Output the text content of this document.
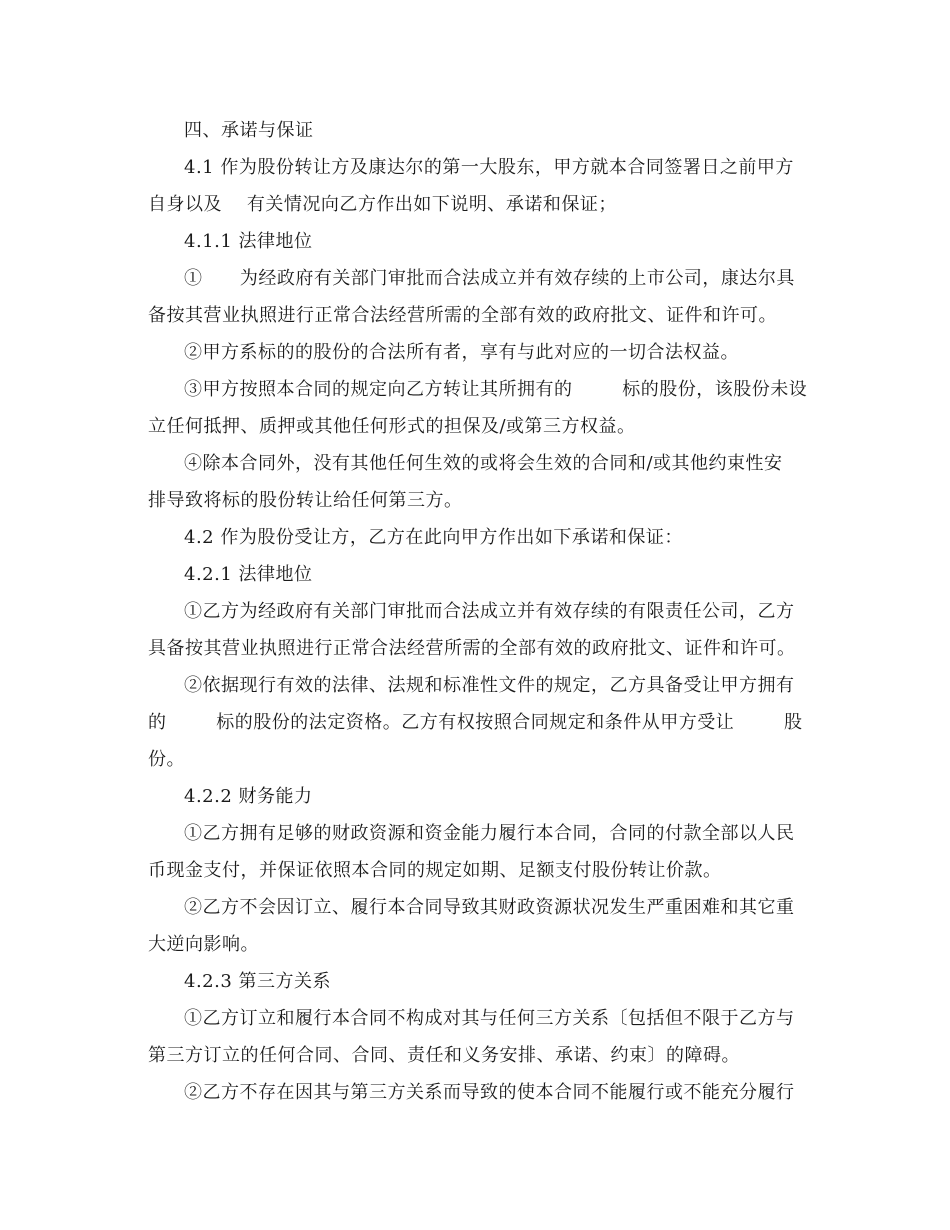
四、承诺与保证
4.1 作为股份转让方及康达尔的第一大股东，甲方就本合同签署日之前甲方
自身以及    有关情况向乙方作出如下说明、承诺和保证；
4.1.1 法律地位
①      为经政府有关部门审批而合法成立并有效存续的上市公司，康达尔具
备按其营业执照进行正常合法经营所需的全部有效的政府批文、证件和许可。
②甲方系标的的股份的合法所有者，享有与此对应的一切合法权益。
③甲方按照本合同的规定向乙方转让其所拥有的        标的股份，该股份未设
立任何抵押、质押或其他任何形式的担保及/或第三方权益。
④除本合同外，没有其他任何生效的或将会生效的合同和/或其他约束性安
排导致将标的股份转让给任何第三方。
4.2 作为股份受让方，乙方在此向甲方作出如下承诺和保证：
4.2.1 法律地位
①乙方为经政府有关部门审批而合法成立并有效存续的有限责任公司，乙方
具备按其营业执照进行正常合法经营所需的全部有效的政府批文、证件和许可。
②依据现行有效的法律、法规和标准性文件的规定，乙方具备受让甲方拥有
的        标的股份的法定资格。乙方有权按照合同规定和条件从甲方受让        股
份。
4.2.2 财务能力
①乙方拥有足够的财政资源和资金能力履行本合同，合同的付款全部以人民
币现金支付，并保证依照本合同的规定如期、足额支付股份转让价款。
②乙方不会因订立、履行本合同导致其财政资源状况发生严重困难和其它重
大逆向影响。
4.2.3 第三方关系
①乙方订立和履行本合同不构成对其与任何三方关系〔包括但不限于乙方与
第三方订立的任何合同、合同、责任和义务安排、承诺、约束〕的障碍。
②乙方不存在因其与第三方关系而导致的使本合同不能履行或不能充分履行
